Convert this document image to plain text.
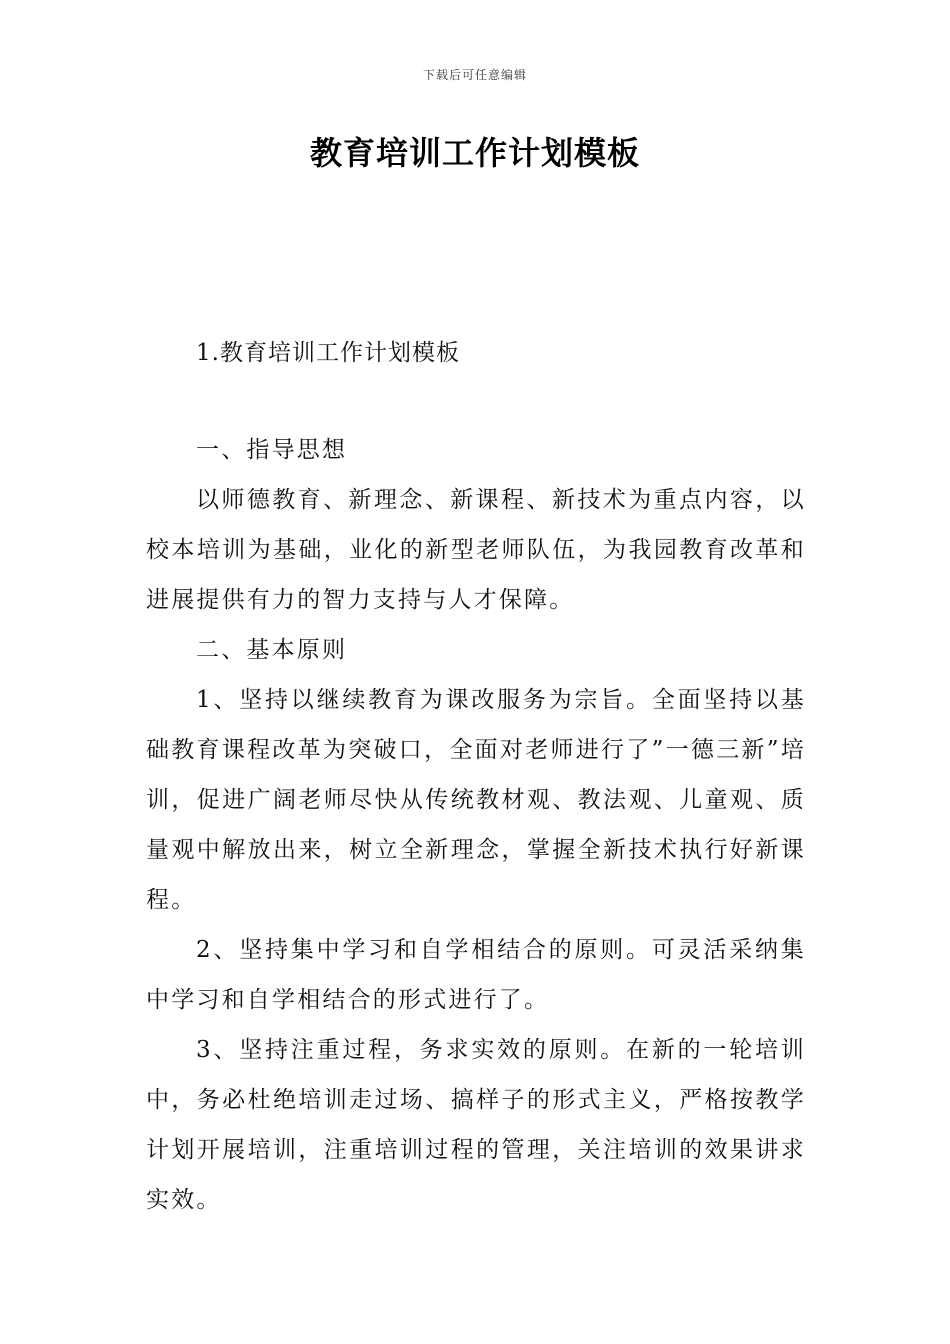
下载后可任意编辑
教育培训工作计划模板
1.教育培训工作计划模板

一、指导思想

以师德教育、新理念、新课程、新技术为重点内容，以校本培训为基础，业化的新型老师队伍，为我园教育改革和进展提供有力的智力支持与人才保障。

二、基本原则

1、坚持以继续教育为课改服务为宗旨。全面坚持以基础教育课程改革为突破口，全面对老师进行了”一德三新”培训，促进广阔老师尽快从传统教材观、教法观、儿童观、质量观中解放出来，树立全新理念，掌握全新技术执行好新课程。

2、坚持集中学习和自学相结合的原则。可灵活采纳集中学习和自学相结合的形式进行了。

3、坚持注重过程，务求实效的原则。在新的一轮培训中，务必杜绝培训走过场、搞样子的形式主义，严格按教学计划开展培训，注重培训过程的管理，关注培训的效果讲求实效。
